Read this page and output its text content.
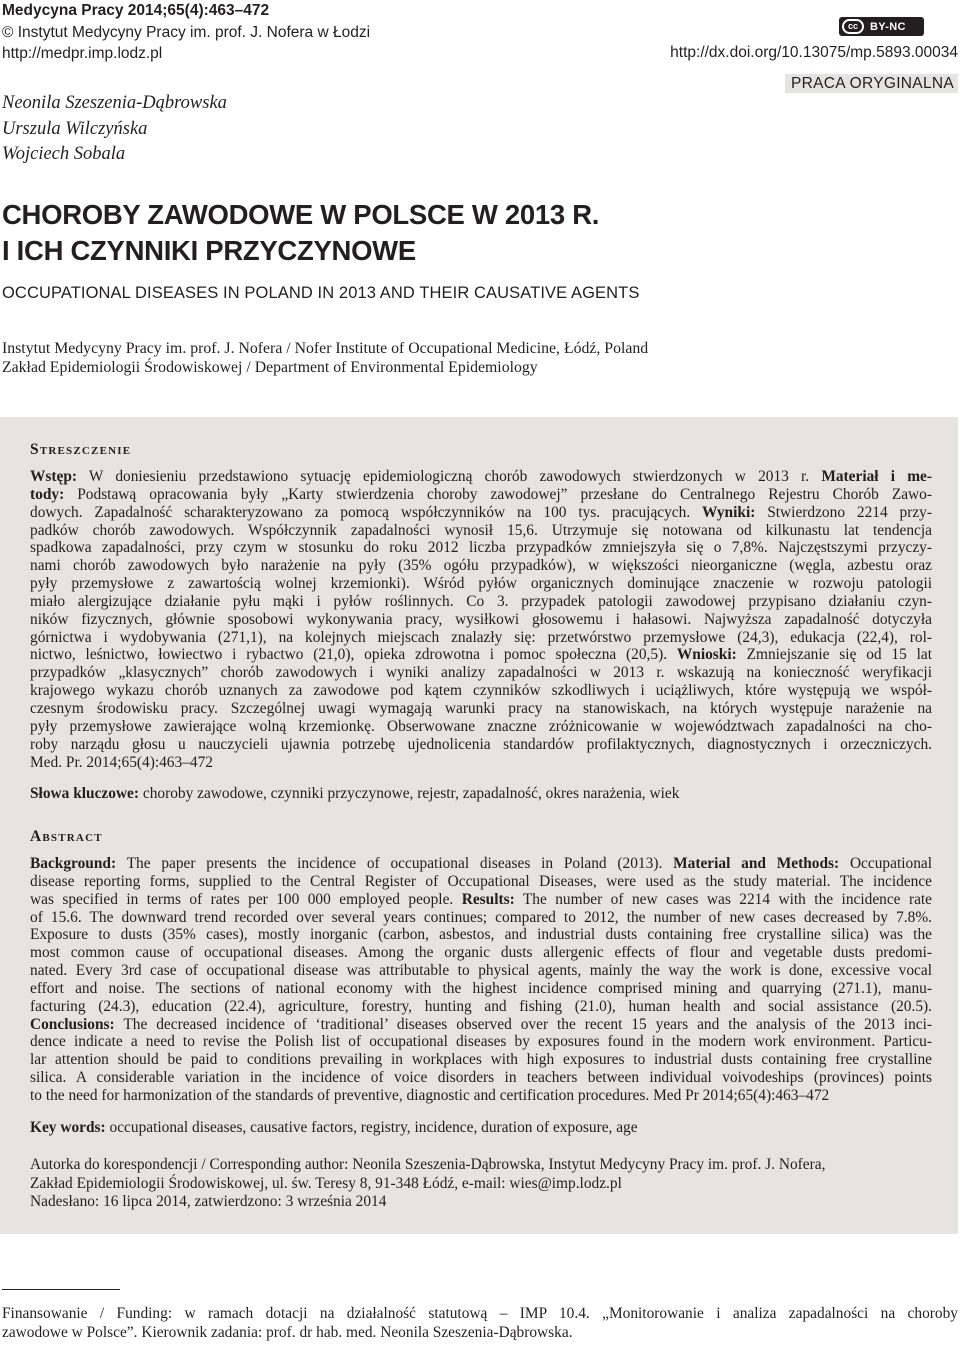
Medycyna Pracy 2014;65(4):463–472
© Instytut Medycyny Pracy im. prof. J. Nofera w Łodzi
http://medpr.imp.lodz.pl
cc	BY-NC
http://dx.doi.org/10.13075/mp.5893.00034
PRACA ORYGINALNA
Neonila Szeszenia-Dąbrowska
Urszula Wilczyńska
Wojciech Sobala
CHOROBY ZAWODOWE W POLSCE W 2013 R.
I ICH CZYNNIKI PRZYCZYNOWE
OCCUPATIONAL DISEASES IN POLAND IN 2013 AND THEIR CAUSATIVE AGENTS
Instytut Medycyny Pracy im. prof. J. Nofera / Nofer Institute of Occupational Medicine, Łódź, Poland
Zakład Epidemiologii Środowiskowej / Department of Environmental Epidemiology
Streszczenie
Wstęp: W doniesieniu przedstawiono sytuację epidemiologiczną chorób zawodowych stwierdzonych w 2013 r. Materiał i me-
tody: Podstawą opracowania były „Karty stwierdzenia choroby zawodowej” przesłane do Centralnego Rejestru Chorób Zawo-
dowych. Zapadalność scharakteryzowano za pomocą współczynników na 100 tys. pracujących. Wyniki: Stwierdzono 2214 przy-
padków chorób zawodowych. Współczynnik zapadalności wynosił 15,6. Utrzymuje się notowana od kilkunastu lat tendencja
spadkowa zapadalności, przy czym w stosunku do roku 2012 liczba przypadków zmniejszyła się o 7,8%. Najczęstszymi przyczy-
nami chorób zawodowych było narażenie na pyły (35% ogółu przypadków), w większości nieorganiczne (węgla, azbestu oraz
pyły przemysłowe z zawartością wolnej krzemionki). Wśród pyłów organicznych dominujące znaczenie w rozwoju patologii
miało alergizujące działanie pyłu mąki i pyłów roślinnych. Co 3. przypadek patologii zawodowej przypisano działaniu czyn-
ników fizycznych, głównie sposobowi wykonywania pracy, wysiłkowi głosowemu i hałasowi. Najwyższa zapadalność dotyczyła
górnictwa i wydobywania (271,1), na kolejnych miejscach znalazły się: przetwórstwo przemysłowe (24,3), edukacja (22,4), rol-
nictwo, leśnictwo, łowiectwo i rybactwo (21,0), opieka zdrowotna i pomoc społeczna (20,5). Wnioski: Zmniejszanie się od 15 lat
przypadków „klasycznych” chorób zawodowych i wyniki analizy zapadalności w 2013 r. wskazują na konieczność weryfikacji
krajowego wykazu chorób uznanych za zawodowe pod kątem czynników szkodliwych i uciążliwych, które występują we współ-
czesnym środowisku pracy. Szczególnej uwagi wymagają warunki pracy na stanowiskach, na których występuje narażenie na
pyły przemysłowe zawierające wolną krzemionkę. Obserwowane znaczne zróżnicowanie w województwach zapadalności na cho-
roby narządu głosu u nauczycieli ujawnia potrzebę ujednolicenia standardów profilaktycznych, diagnostycznych i orzeczniczych.
Med. Pr. 2014;65(4):463–472
Słowa kluczowe: choroby zawodowe, czynniki przyczynowe, rejestr, zapadalność, okres narażenia, wiek
Abstract
Background: The paper presents the incidence of occupational diseases in Poland (2013). Material and Methods: Occupational
disease reporting forms, supplied to the Central Register of Occupational Diseases, were used as the study material. The incidence
was specified in terms of rates per 100 000 employed people. Results: The number of new cases was 2214 with the incidence rate
of 15.6. The downward trend recorded over several years continues; compared to 2012, the number of new cases decreased by 7.8%.
Exposure to dusts (35% cases), mostly inorganic (carbon, asbestos, and industrial dusts containing free crystalline silica) was the
most common cause of occupational diseases. Among the organic dusts allergenic effects of flour and vegetable dusts predomi-
nated. Every 3rd case of occupational disease was attributable to physical agents, mainly the way the work is done, excessive vocal
effort and noise. The sections of national economy with the highest incidence comprised mining and quarrying (271.1), manu-
facturing (24.3), education (22.4), agriculture, forestry, hunting and fishing (21.0), human health and social assistance (20.5).
Conclusions: The decreased incidence of ‘traditional’ diseases observed over the recent 15 years and the analysis of the 2013 inci-
dence indicate a need to revise the Polish list of occupational diseases by exposures found in the modern work environment. Particu-
lar attention should be paid to conditions prevailing in workplaces with high exposures to industrial dusts containing free crystalline
silica. A considerable variation in the incidence of voice disorders in teachers between individual voivodeships (provinces) points
to the need for harmonization of the standards of preventive, diagnostic and certification procedures. Med Pr 2014;65(4):463–472
Key words: occupational diseases, causative factors, registry, incidence, duration of exposure, age
Autorka do korespondencji / Corresponding author: Neonila Szeszenia-Dąbrowska, Instytut Medycyny Pracy im. prof. J. Nofera,
Zakład Epidemiologii Środowiskowej, ul. św. Teresy 8, 91-348 Łódź, e-mail: wies@imp.lodz.pl
Nadesłano: 16 lipca 2014, zatwierdzono: 3 września 2014
Finansowanie / Funding: w ramach dotacji na działalność statutową – IMP 10.4. „Monitorowanie i analiza zapadalności na choroby
zawodowe w Polsce”. Kierownik zadania: prof. dr hab. med. Neonila Szeszenia-Dąbrowska.
